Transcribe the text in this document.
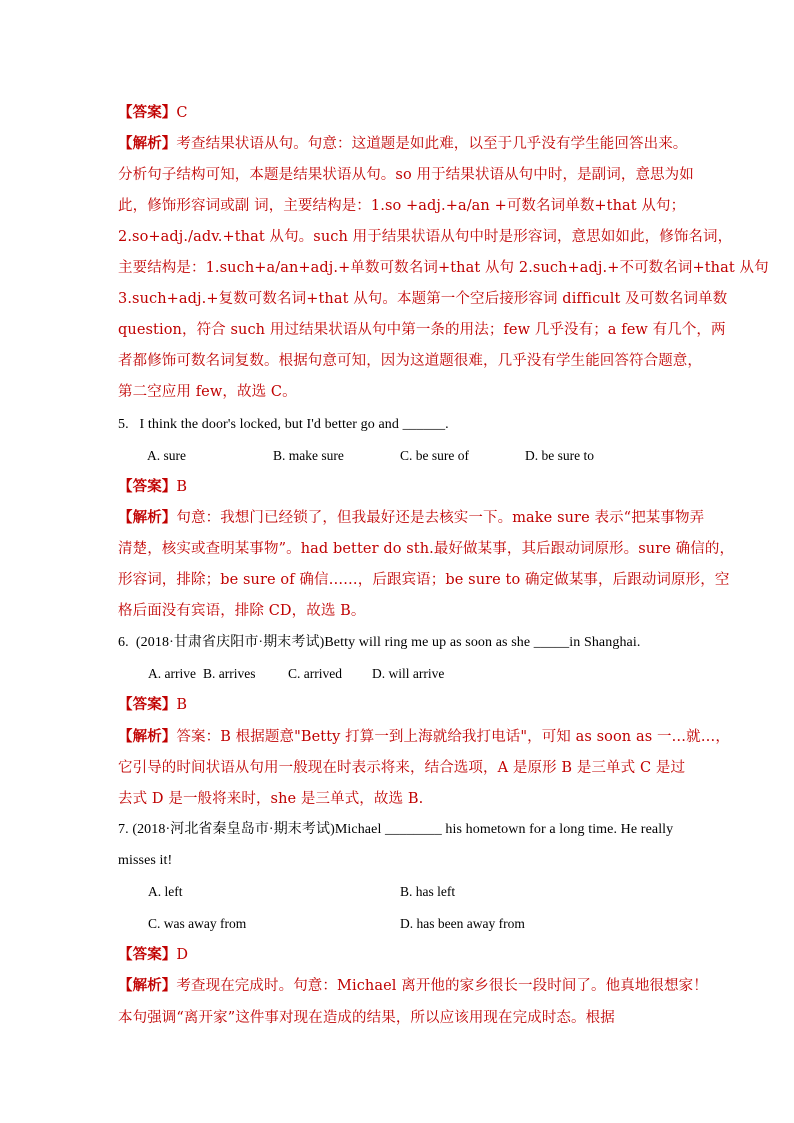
【答案】C
【解析】考查结果状语从句。句意：这道题是如此难，以至于几乎没有学生能回答出来。
分析句子结构可知，本题是结果状语从句。so 用于结果状语从句中时，是副词，意思为如
此，修饰形容词或副 词，主要结构是：1.so +adj.+a/an +可数名词单数+that 从句；
2.so+adj./adv.+that 从句。such 用于结果状语从句中时是形容词，意思如如此，修饰名词，
主要结构是：1.such+a/an+adj.+单数可数名词+that 从句 2.such+adj.+不可数名词+that 从句
3.such+adj.+复数可数名词+that 从句。本题第一个空后接形容词 difficult 及可数名词单数
question，符合 such 用过结果状语从句中第一条的用法；few 几乎没有；a few 有几个，两
者都修饰可数名词复数。根据句意可知，因为这道题很难，几乎没有学生能回答符合题意，
第二空应用 few，故选 C。
5. I think the door's locked, but I'd better go and ______.
A. sure	B. make sure	C. be sure of	D. be sure to
【答案】B
【解析】句意：我想门已经锁了，但我最好还是去核实一下。make sure 表示“把某事物弄
清楚，核实或查明某事物”。had better do sth.最好做某事，其后跟动词原形。sure 确信的，
形容词，排除；be sure of 确信……，后跟宾语；be sure to 确定做某事，后跟动词原形，空
格后面没有宾语，排除 CD，故选 B。
6. (2018·甘肃省庆阳市·期末考试)Betty will ring me up as soon as she _____in Shanghai.
A. arrive B. arrives C. arrived D. will arrive
【答案】B
【解析】答案：B 根据题意"Betty 打算一到上海就给我打电话"，可知 as soon as 一…就…，
它引导的时间状语从句用一般现在时表示将来，结合选项，A 是原形 B 是三单式 C 是过
去式 D 是一般将来时，she 是三单式，故选 B.
7. (2018·河北省秦皇岛市·期末考试)Michael ________ his hometown for a long time. He really
misses it!
A. left	B. has left
C. was away from	D. has been away from
【答案】D
【解析】考查现在完成时。句意：Michael 离开他的家乡很长一段时间了。他真地很想家！
本句强调“离开家”这件事对现在造成的结果，所以应该用现在完成时态。根据
